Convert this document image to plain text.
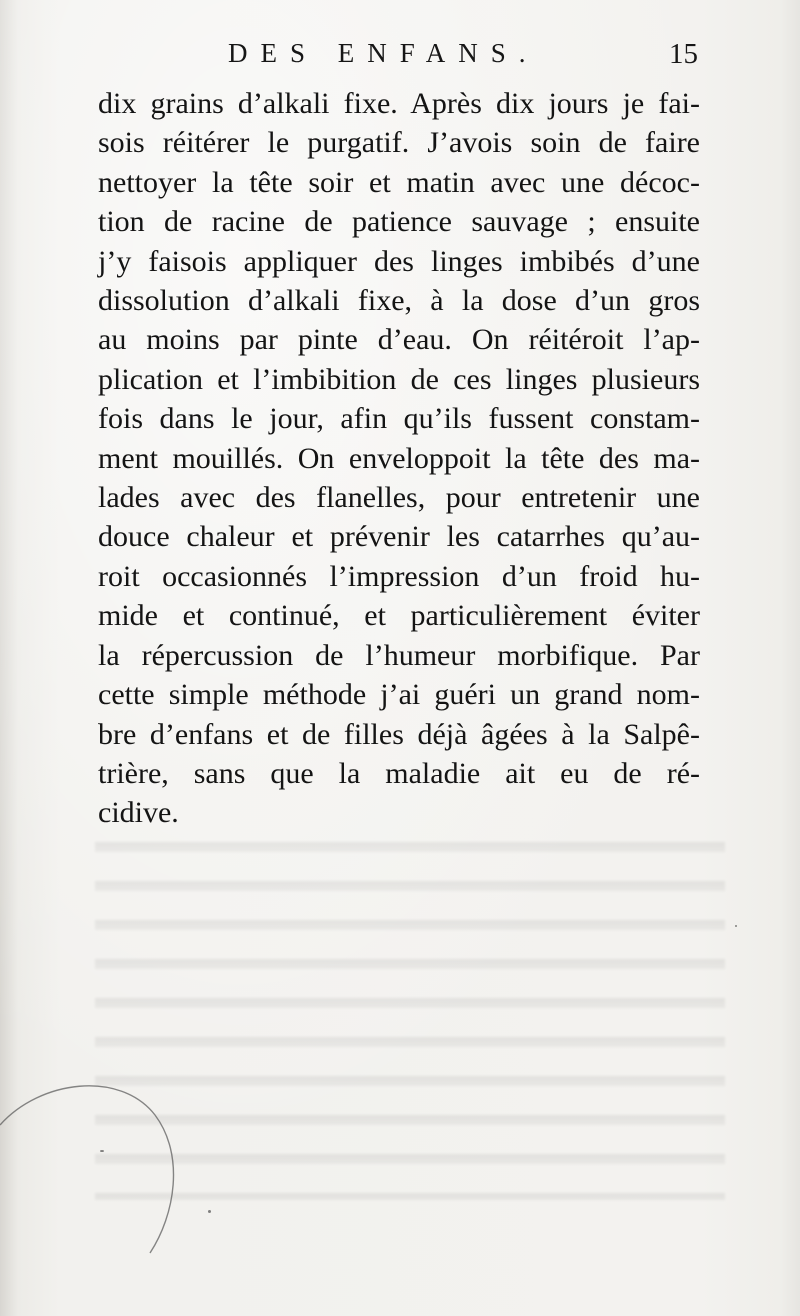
DES ENFANS.	15
dix grains d’alkali fixe. Après dix jours je fai-
sois réitérer le purgatif. J’avois soin de faire
nettoyer la tête soir et matin avec une décoc-
tion de racine de patience sauvage ; ensuite
j’y faisois appliquer des linges imbibés d’une
dissolution d’alkali fixe, à la dose d’un gros
au moins par pinte d’eau. On réitéroit l’ap-
plication et l’imbibition de ces linges plusieurs
fois dans le jour, afin qu’ils fussent constam-
ment mouillés. On enveloppoit la tête des ma-
lades avec des flanelles, pour entretenir une
douce chaleur et prévenir les catarrhes qu’au-
roit occasionnés l’impression d’un froid hu-
mide et continué, et particulièrement éviter
la répercussion de l’humeur morbifique. Par
cette simple méthode j’ai guéri un grand nom-
bre d’enfans et de filles déjà âgées à la Salpê-
trière, sans que la maladie ait eu de ré-
cidive.
